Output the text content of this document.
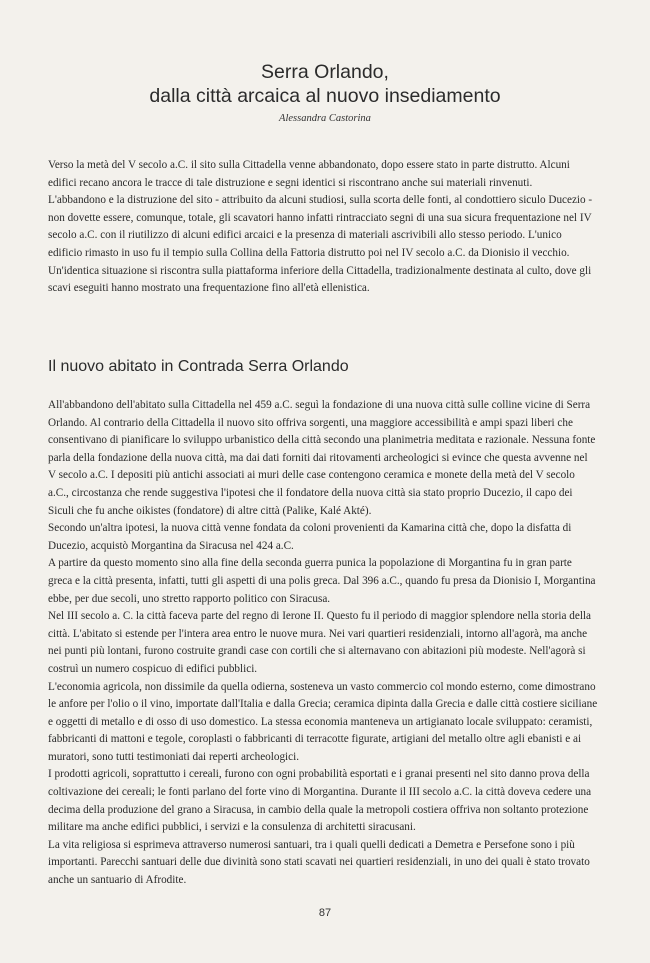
Serra Orlando,
dalla città arcaica al nuovo insediamento
Alessandra Castorina

Verso la metà del V secolo a.C. il sito sulla Cittadella venne abbandonato, dopo essere stato in parte distrutto. Alcuni edifici recano ancora le tracce di tale distruzione e segni identici si riscontrano anche sui materiali rinvenuti.

L'abbandono e la distruzione del sito - attribuito da alcuni studiosi, sulla scorta delle fonti, al condottiero siculo Ducezio - non dovette essere, comunque, totale, gli scavatori hanno infatti rintracciato segni di una sua sicura frequentazione nel IV secolo a.C. con il riutilizzo di alcuni edifici arcaici e la presenza di materiali ascrivibili allo stesso periodo. L'unico edificio rimasto in uso fu il tempio sulla Collina della Fattoria distrutto poi nel IV secolo a.C. da Dionisio il vecchio.

Un'identica situazione si riscontra sulla piattaforma inferiore della Cittadella, tradizionalmente destinata al culto, dove gli scavi eseguiti hanno mostrato una frequentazione fino all'età ellenistica.

Il nuovo abitato in Contrada Serra Orlando

All'abbandono dell'abitato sulla Cittadella nel 459 a.C. seguì la fondazione di una nuova città sulle colline vicine di Serra Orlando. Al contrario della Cittadella il nuovo sito offriva sorgenti, una maggiore accessibilità e ampi spazi liberi che consentivano di pianificare lo sviluppo urbanistico della città secondo una planimetria meditata e razionale. Nessuna fonte parla della fondazione della nuova città, ma dai dati forniti dai ritovamenti archeologici si evince che questa avvenne nel V secolo a.C. I depositi più antichi associati ai muri delle case contengono ceramica e monete della metà del V secolo a.C., circostanza che rende suggestiva l'ipotesi che il fondatore della nuova città sia stato proprio Ducezio, il capo dei Siculi che fu anche oikistes (fondatore) di altre città (Palike, Kalé Akté).

Secondo un'altra ipotesi, la nuova città venne fondata da coloni provenienti da Kamarina città che, dopo la disfatta di Ducezio, acquistò Morgantina da Siracusa nel 424 a.C.

A partire da questo momento sino alla fine della seconda guerra punica la popolazione di Morgantina fu in gran parte greca e la città presenta, infatti, tutti gli aspetti di una polis greca. Dal 396 a.C., quando fu presa da Dionisio I, Morgantina ebbe, per due secoli, uno stretto rapporto politico con Siracusa.

Nel III secolo a. C. la città faceva parte del regno di Ierone II. Questo fu il periodo di maggior splendore nella storia della città. L'abitato si estende per l'intera area entro le nuove mura. Nei vari quartieri residenziali, intorno all'agorà, ma anche nei punti più lontani, furono costruite grandi case con cortili che si alternavano con abitazioni più modeste. Nell'agorà si costruì un numero cospicuo di edifici pubblici.

L'economia agricola, non dissimile da quella odierna, sosteneva un vasto commercio col mondo esterno, come dimostrano le anfore per l'olio o il vino, importate dall'Italia e dalla Grecia; ceramica dipinta dalla Grecia e dalle città costiere siciliane e oggetti di metallo e di osso di uso domestico. La stessa economia manteneva un artigianato locale sviluppato: ceramisti, fabbricanti di mattoni e tegole, coroplasti o fabbricanti di terracotte figurate, artigiani del metallo oltre agli ebanisti e ai muratori, sono tutti testimoniati dai reperti archeologici.

I prodotti agricoli, soprattutto i cereali, furono con ogni probabilità esportati e i granai presenti nel sito danno prova della coltivazione dei cereali; le fonti parlano del forte vino di Morgantina. Durante il III secolo a.C. la città doveva cedere una decima della produzione del grano a Siracusa, in cambio della quale la metropoli costiera offriva non soltanto protezione militare ma anche edifici pubblici, i servizi e la consulenza di architetti siracusani.

La vita religiosa si esprimeva attraverso numerosi santuari, tra i quali quelli dedicati a Demetra e Persefone sono i più importanti. Parecchi santuari delle due divinità sono stati scavati nei quartieri residenziali, in uno dei quali è stato trovato anche un santuario di Afrodite.

87
